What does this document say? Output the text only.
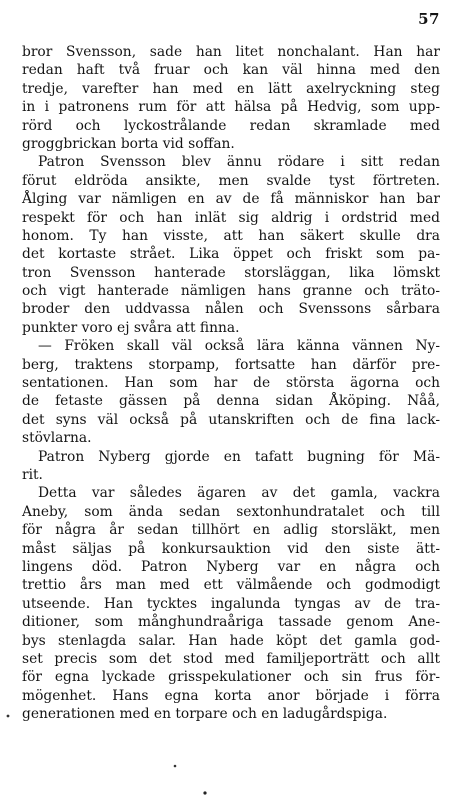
57
bror Svensson, sade han litet nonchalant. Han har
redan haft två fruar och kan väl hinna med den
tredje, varefter han med en lätt axelryckning steg
in i patronens rum för att hälsa på Hedvig, som upp-
rörd och lyckostrålande redan skramlade med
groggbrickan borta vid soffan.
Patron Svensson blev ännu rödare i sitt redan
förut eldröda ansikte, men svalde tyst förtreten.
Ålging var nämligen en av de få människor han bar
respekt för och han inlät sig aldrig i ordstrid med
honom. Ty han visste, att han säkert skulle dra
det kortaste strået. Lika öppet och friskt som pa-
tron Svensson hanterade storsläggan, lika lömskt
och vigt hanterade nämligen hans granne och trätо-
broder den uddvassa nålen och Svenssons sårbara
punkter voro ej svåra att finna.
— Fröken skall väl också lära känna vännen Ny-
berg, traktens storpamp, fortsatte han därför pre-
sentationen. Han som har de största ägorna och
de fetaste gässen på denna sidan Åköping. Nåå,
det syns väl också på utanskriften och de fina lack-
stövlarna.
Patron Nyberg gjorde en tafatt bugning för Mä-
rit.
Detta var således ägaren av det gamla, vackra
Aneby, som ända sedan sextonhundratalet och till
för några år sedan tillhört en adlig storsläkt, men
måst säljas på konkursauktion vid den siste ätt-
lingens död. Patron Nyberg var en några och
trettio års man med ett välmående och godmodigt
utseende. Han tycktes ingalunda tyngas av de tra-
ditioner, som månghundraåriga tassade genom Ane-
bys stenlagda salar. Han hade köpt det gamla god-
set precis som det stod med familjeporträtt och allt
för egna lyckade grisspekulationer och sin frus för-
mögenhet. Hans egna korta anor började i förra
generationen med en torpare och en ladugårdspiga.
